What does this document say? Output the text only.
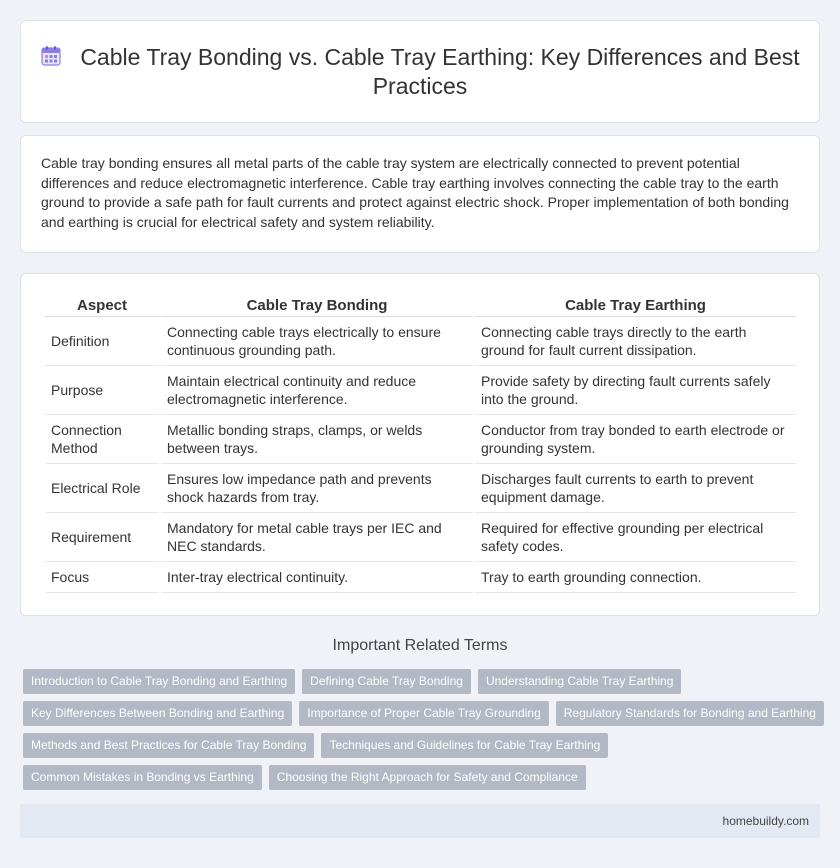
Cable Tray Bonding vs. Cable Tray Earthing: Key Differences and Best Practices

Cable tray bonding ensures all metal parts of the cable tray system are electrically connected to prevent potential differences and reduce electromagnetic interference. Cable tray earthing involves connecting the cable tray to the earth ground to provide a safe path for fault currents and protect against electric shock. Proper implementation of both bonding and earthing is crucial for electrical safety and system reliability.

Aspect	Cable Tray Bonding	Cable Tray Earthing
Definition	Connecting cable trays electrically to ensure continuous grounding path.	Connecting cable trays directly to the earth ground for fault current dissipation.
Purpose	Maintain electrical continuity and reduce electromagnetic interference.	Provide safety by directing fault currents safely into the ground.
Connection Method	Metallic bonding straps, clamps, or welds between trays.	Conductor from tray bonded to earth electrode or grounding system.
Electrical Role	Ensures low impedance path and prevents shock hazards from tray.	Discharges fault currents to earth to prevent equipment damage.
Requirement	Mandatory for metal cable trays per IEC and NEC standards.	Required for effective grounding per electrical safety codes.
Focus	Inter-tray electrical continuity.	Tray to earth grounding connection.
Important Related Terms
Introduction to Cable Tray Bonding and Earthing	Defining Cable Tray Bonding	Understanding Cable Tray Earthing
Key Differences Between Bonding and Earthing	Importance of Proper Cable Tray Grounding	Regulatory Standards for Bonding and Earthing
Methods and Best Practices for Cable Tray Bonding	Techniques and Guidelines for Cable Tray Earthing
Common Mistakes in Bonding vs Earthing	Choosing the Right Approach for Safety and Compliance
homebuildy.com
